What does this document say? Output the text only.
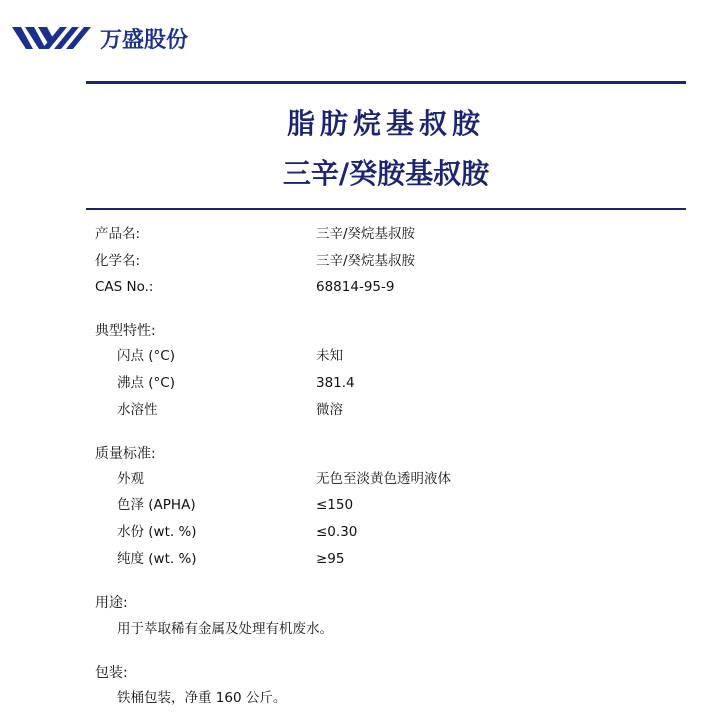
万盛股份
脂肪烷基叔胺
三辛/癸胺基叔胺
产品名:	三辛/癸烷基叔胺
化学名:	三辛/癸烷基叔胺
CAS No.:	68814-95-9
典型特性:
闪点 (°C)	未知
沸点 (°C)	381.4
水溶性	微溶
质量标准:
外观	无色至淡黄色透明液体
色泽 (APHA)	≤150
水份 (wt. %)	≤0.30
纯度 (wt. %)	≥95
用途:
用于萃取稀有金属及处理有机废水。
包装:
铁桶包装，净重 160 公斤。
